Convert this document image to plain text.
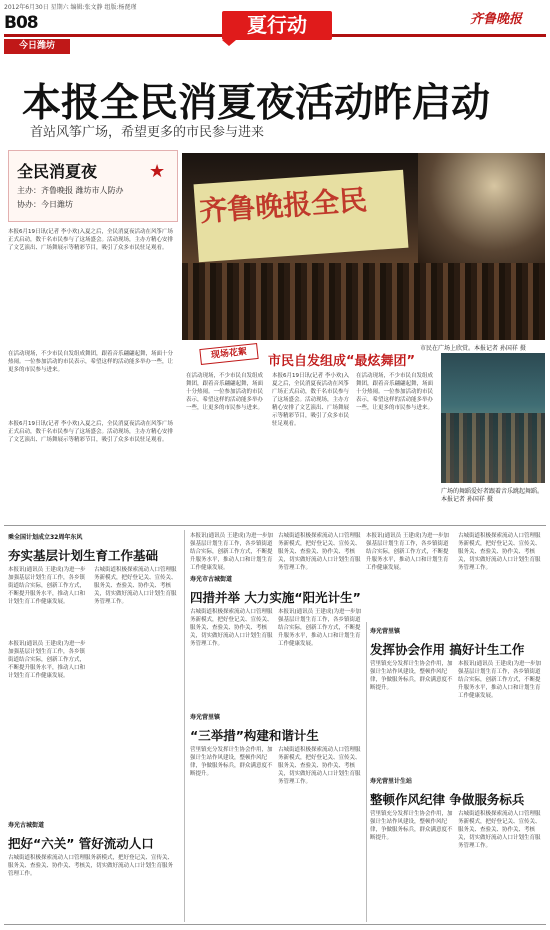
2012年6月30日 星期六 编辑:张文静 组版:杨琵瑾
B08
今日潍坊
夏行动	齐鲁晚报
本报全民消夏夜活动昨启动
首站风筝广场，希望更多的市民参与进来
全民消夏夜	★
主办：齐鲁晚报 潍坊市人防办
协办：今日潍坊
本报6月19日讯(记者 李小欢)入夏之后，全民消夏夜活动在风筝广场正式启动，数千名市民参与了这场盛会。活动现场，主办方精心安排了文艺演出、广场舞展示等精彩节目，吸引了众多市民驻足观看。
在活动现场，不少市民自发组成舞团，跟着音乐翩翩起舞，场面十分热闹。一位参加活动的市民表示，希望这样的活动能多举办一些，让更多的市民参与进来。
本报6月19日讯(记者 李小欢)入夏之后，全民消夏夜活动在风筝广场正式启动，数千名市民参与了这场盛会。活动现场，主办方精心安排了文艺演出、广场舞展示等精彩节目，吸引了众多市民驻足观看。
齐鲁晚报全民
市民在广场上欣赏。本报记者 孙国祥 摄
现场花絮	市民自发组成“最炫舞团”
在活动现场，不少市民自发组成舞团，跟着音乐翩翩起舞，场面十分热闹。一位参加活动的市民表示，希望这样的活动能多举办一些，让更多的市民参与进来。
本报6月19日讯(记者 李小欢)入夏之后，全民消夏夜活动在风筝广场正式启动，数千名市民参与了这场盛会。活动现场，主办方精心安排了文艺演出、广场舞展示等精彩节目，吸引了众多市民驻足观看。
在活动现场，不少市民自发组成舞团，跟着音乐翩翩起舞，场面十分热闹。一位参加活动的市民表示，希望这样的活动能多举办一些，让更多的市民参与进来。
广场的舞蹈爱好者跟着音乐跳起舞蹈。本报记者 孙国祥 摄
乘全国计划成立32周年东风
夯实基层计划生育工作基础
本报讯(通讯员 王建成)为进一步加强基层计划生育工作，各乡镇街道结合实际，创新工作方式，不断提升服务水平，推动人口和计划生育工作健康发展。
古城街道积极探索流动人口管理服务新模式，把好登记关、宣传关、服务关、查验关、协作关、考核关，切实做好流动人口计划生育服务管理工作。
本报讯(通讯员 王建成)为进一步加强基层计划生育工作，各乡镇街道结合实际，创新工作方式，不断提升服务水平，推动人口和计划生育工作健康发展。
寿光古城街道
把好“六关” 管好流动人口
古城街道积极探索流动人口管理服务新模式，把好登记关、宣传关、服务关、查验关、协作关、考核关，切实做好流动人口计划生育服务管理工作。
本报讯(通讯员 王建成)为进一步加强基层计划生育工作，各乡镇街道结合实际，创新工作方式，不断提升服务水平，推动人口和计划生育工作健康发展。
寿光市古城街道
四措并举 大力实施“阳光计生”
古城街道积极探索流动人口管理服务新模式，把好登记关、宣传关、服务关、查验关、协作关、考核关，切实做好流动人口计划生育服务管理工作。
本报讯(通讯员 王建成)为进一步加强基层计划生育工作，各乡镇街道结合实际，创新工作方式，不断提升服务水平，推动人口和计划生育工作健康发展。
寿光营里镇
“三举措”构建和谐计生
营里镇充分发挥计生协会作用，加强计生站作风建设，整顿作风纪律，争做服务标兵，群众满意度不断提升。
古城街道积极探索流动人口管理服务新模式，把好登记关、宣传关、服务关、查验关、协作关、考核关，切实做好流动人口计划生育服务管理工作。
古城街道积极探索流动人口管理服务新模式，把好登记关、宣传关、服务关、查验关、协作关、考核关，切实做好流动人口计划生育服务管理工作。
本报讯(通讯员 王建成)为进一步加强基层计划生育工作，各乡镇街道结合实际，创新工作方式，不断提升服务水平，推动人口和计划生育工作健康发展。
寿光营里镇
发挥协会作用 搞好计生工作
营里镇充分发挥计生协会作用，加强计生站作风建设，整顿作风纪律，争做服务标兵，群众满意度不断提升。
本报讯(通讯员 王建成)为进一步加强基层计划生育工作，各乡镇街道结合实际，创新工作方式，不断提升服务水平，推动人口和计划生育工作健康发展。
古城街道积极探索流动人口管理服务新模式，把好登记关、宣传关、服务关、查验关、协作关、考核关，切实做好流动人口计划生育服务管理工作。
寿光营里计生站
整顿作风纪律 争做服务标兵
营里镇充分发挥计生协会作用，加强计生站作风建设，整顿作风纪律，争做服务标兵，群众满意度不断提升。
古城街道积极探索流动人口管理服务新模式，把好登记关、宣传关、服务关、查验关、协作关、考核关，切实做好流动人口计划生育服务管理工作。
